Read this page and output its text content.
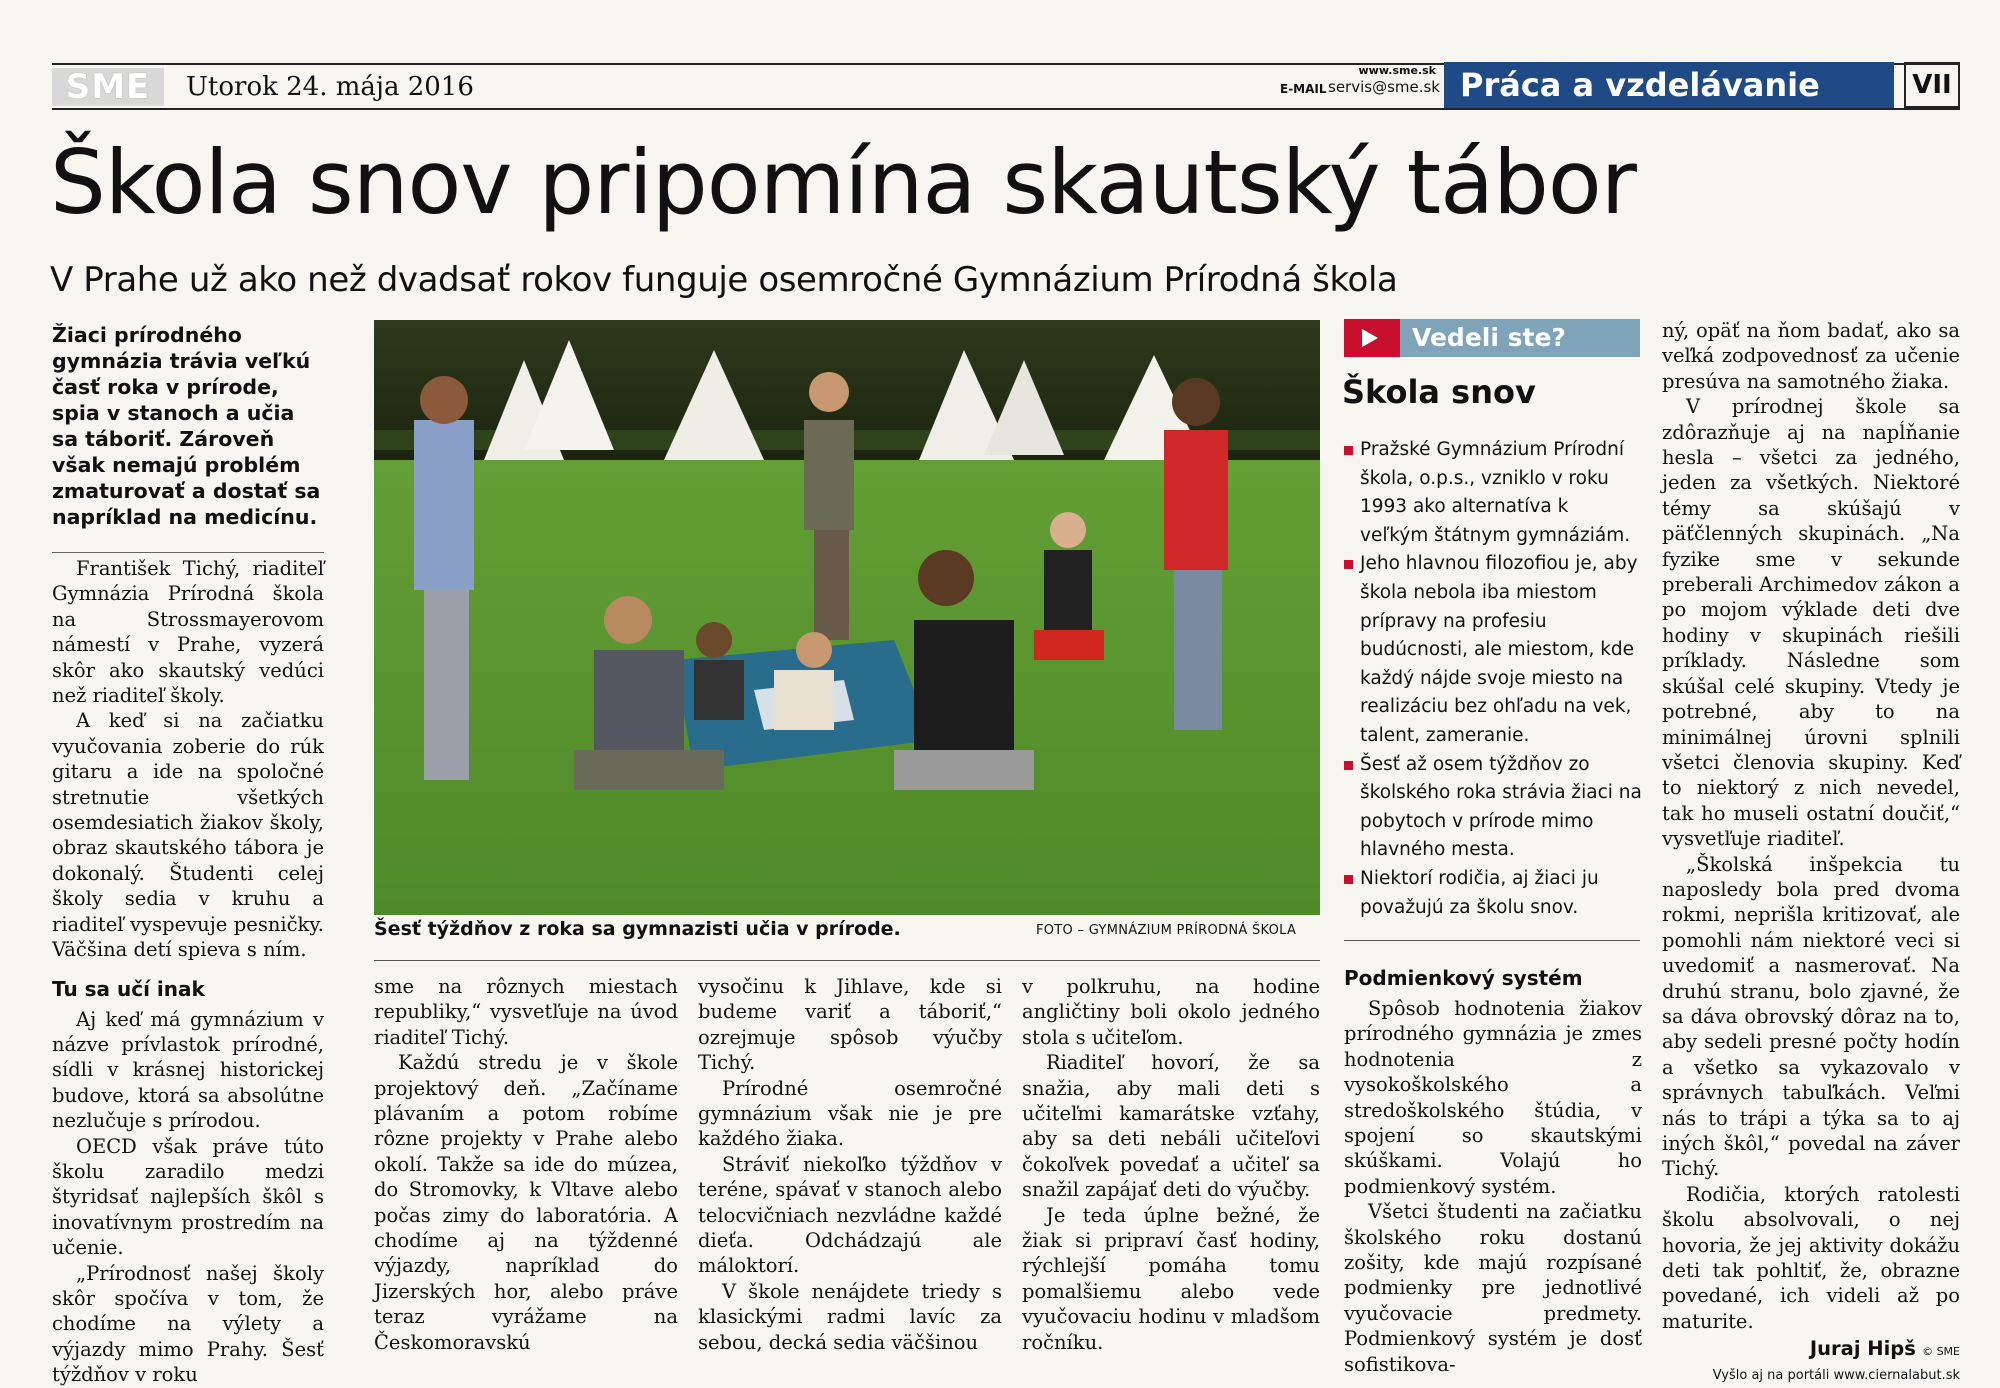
SME	Utorok 24. mája 2016
www.sme.sk
E-MAIL servis@sme.sk Práca a vzdelávanie	VII
Škola snov pripomína skautský tábor
V Prahe už ako než dvadsať rokov funguje osemročné Gymnázium Prírodná škola
Žiaci prírodného gymnázia trávia veľkú časť roka v prírode, spia v stanoch a učia sa táboriť. Zároveň však nemajú problém zmaturovať a dostať sa napríklad na medicínu.

František Tichý, riaditeľ Gymnázia Prírodná škola na Strossmayerovom námestí v Prahe, vyzerá skôr ako skautský vedúci než riaditeľ školy.

A keď si na začiatku vyučovania zoberie do rúk gitaru a ide na spoločné stretnutie všetkých osemdesiatich žiakov školy, obraz skautského tábora je dokonalý. Študenti celej školy sedia v kruhu a riaditeľ vyspevuje pesničky. Väčšina detí spieva s ním.

Tu sa učí inak

Aj keď má gymnázium v názve prívlastok prírodné, sídli v krásnej historickej budove, ktorá sa absolútne nezlučuje s prírodou.

OECD však práve túto školu zaradilo medzi štyridsať najlepších škôl s inovatívnym prostredím na učenie.

„Prírodnosť našej školy skôr spočíva v tom, že chodíme na výlety a výjazdy mimo Prahy. Šesť týždňov v roku

Šesť týždňov z roka sa gymnazisti učia v prírode.	FOTO – GYMNÁZIUM PRÍRODNÁ ŠKOLA

sme na rôznych miestach republiky,“ vysvetľuje na úvod riaditeľ Tichý.

Každú stredu je v škole projektový deň. „Začíname plávaním a potom robíme rôzne projekty v Prahe alebo okolí. Takže sa ide do múzea, do Stromovky, k Vltave alebo počas zimy do laboratória. A chodíme aj na týždenné výjazdy, napríklad do Jizerských hor, alebo práve teraz vyrážame na Českomoravskú

vysočinu k Jihlave, kde si budeme variť a táboriť,“ ozrejmuje spôsob výučby Tichý.

Prírodné osemročné gymnázium však nie je pre každého žiaka.

Stráviť niekoľko týždňov v teréne, spávať v stanoch alebo telocvičniach nezvládne každé dieťa. Odchádzajú ale máloktorí.

V škole nenájdete triedy s klasickými radmi lavíc za sebou, decká sedia väčšinou

v polkruhu, na hodine angličtiny boli okolo jedného stola s učiteľom.

Riaditeľ hovorí, že sa snažia, aby mali deti s učiteľmi kamarátske vzťahy, aby sa deti nebáli učiteľovi čokoľvek povedať a učiteľ sa snažil zapájať deti do výučby.

Je teda úplne bežné, že žiak si pripraví časť hodiny, rýchlejší pomáha tomu pomalšiemu alebo vede vyučovaciu hodinu v mladšom ročníku.

Vedeli ste?
Škola snov
Pražské Gymnázium Prírodní škola, o.p.s., vzniklo v roku 1993 ako alternatíva k veľkým štátnym gymnáziám.
Jeho hlavnou filozofiou je, aby škola nebola iba miestom prípravy na profesiu budúcnosti, ale miestom, kde každý nájde svoje miesto na realizáciu bez ohľadu na vek, talent, zameranie.
Šesť až osem týždňov zo školského roka strávia žiaci na pobytoch v prírode mimo hlavného mesta.
Niektorí rodičia, aj žiaci ju považujú za školu snov.
Podmienkový systém

Spôsob hodnotenia žiakov prírodného gymnázia je zmes hodnotenia z vysokoškolského a stredoškolského štúdia, v spojení so skautskými skúškami. Volajú ho podmienkový systém.

Všetci študenti na začiatku školského roku dostanú zošity, kde majú rozpísané podmienky pre jednotlivé vyučovacie predmety. Podmienkový systém je dosť sofistikova-

ný, opäť na ňom badať, ako sa veľká zodpovednosť za učenie presúva na samotného žiaka.

V prírodnej škole sa zdôrazňuje aj na napĺňanie hesla – všetci za jedného, jeden za všetkých. Niektoré témy sa skúšajú v päťčlenných skupinách. „Na fyzike sme v sekunde preberali Archimedov zákon a po mojom výklade deti dve hodiny v skupinách riešili príklady. Následne som skúšal celé skupiny. Vtedy je potrebné, aby to na minimálnej úrovni splnili všetci členovia skupiny. Keď to niektorý z nich nevedel, tak ho museli ostatní doučiť,“ vysvetľuje riaditeľ.

„Školská inšpekcia tu naposledy bola pred dvoma rokmi, neprišla kritizovať, ale pomohli nám niektoré veci si uvedomiť a nasmerovať. Na druhú stranu, bolo zjavné, že sa dáva obrovský dôraz na to, aby sedeli presné počty hodín a všetko sa vykazovalo v správnych tabuľkách. Veľmi nás to trápi a týka sa to aj iných škôl,“ povedal na záver Tichý.

Rodičia, ktorých ratolesti školu absolvovali, o nej hovoria, že jej aktivity dokážu deti tak pohltiť, že, obrazne povedané, ich videli až po maturite.

Juraj Hipš © SME
Vyšlo aj na portáli www.ciernalabut.sk
